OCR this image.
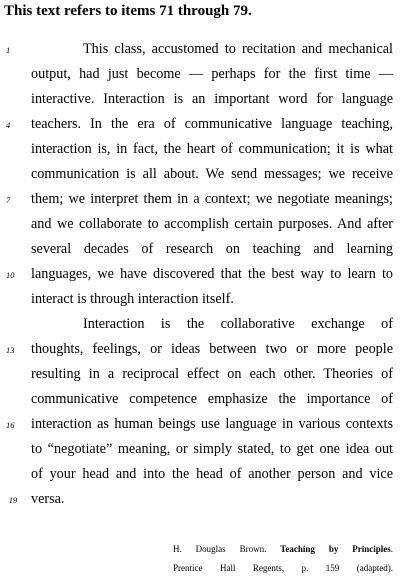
This text refers to items 71 through 79.
1	This class, accustomed to recitation and mechanical
output, had just become — perhaps for the first time —
interactive. Interaction is an important word for language
4	teachers. In the era of communicative language teaching,
interaction is, in fact, the heart of communication; it is what
communication is all about. We send messages; we receive
7	them; we interpret them in a context; we negotiate meanings;
and we collaborate to accomplish certain purposes. And after
several decades of research on teaching and learning
10	languages, we have discovered that the best way to learn to
interact is through interaction itself.
Interaction is the collaborative exchange of
13	thoughts, feelings, or ideas between two or more people
resulting in a reciprocal effect on each other. Theories of
communicative competence emphasize the importance of
16	interaction as human beings use language in various contexts
to “negotiate” meaning, or simply stated, to get one idea out
of your head and into the head of another person and vice
19 versa.
H. Douglas Brown. Teaching by Principles.
Prentice Hall Regents, p. 159 (adapted).
